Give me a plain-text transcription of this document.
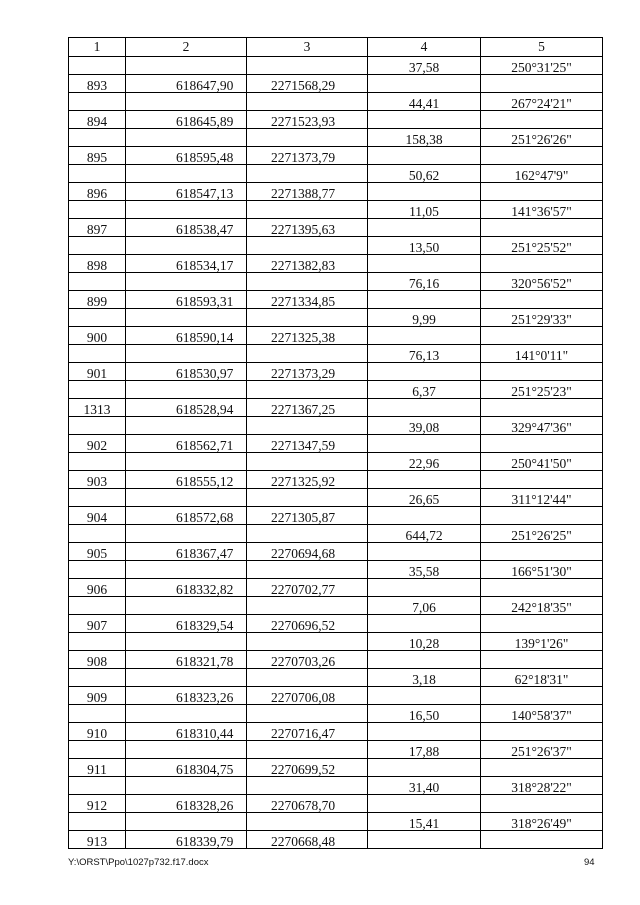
1	2	3	4	5
			37,58	250°31'25"
893	618647,90	2271568,29		
			44,41	267°24'21"
894	618645,89	2271523,93		
			158,38	251°26'26"
895	618595,48	2271373,79		
			50,62	162°47'9"
896	618547,13	2271388,77		
			11,05	141°36'57"
897	618538,47	2271395,63		
			13,50	251°25'52"
898	618534,17	2271382,83		
			76,16	320°56'52"
899	618593,31	2271334,85		
			9,99	251°29'33"
900	618590,14	2271325,38		
			76,13	141°0'11"
901	618530,97	2271373,29		
			6,37	251°25'23"
1313	618528,94	2271367,25		
			39,08	329°47'36"
902	618562,71	2271347,59		
			22,96	250°41'50"
903	618555,12	2271325,92		
			26,65	311°12'44"
904	618572,68	2271305,87		
			644,72	251°26'25"
905	618367,47	2270694,68		
			35,58	166°51'30"
906	618332,82	2270702,77		
			7,06	242°18'35"
907	618329,54	2270696,52		
			10,28	139°1'26"
908	618321,78	2270703,26		
			3,18	62°18'31"
909	618323,26	2270706,08		
			16,50	140°58'37"
910	618310,44	2270716,47		
			17,88	251°26'37"
911	618304,75	2270699,52		
			31,40	318°28'22"
912	618328,26	2270678,70		
			15,41	318°26'49"
913	618339,79	2270668,48		
Y:\ORST\Ppo\1027p732.f17.docx	94
